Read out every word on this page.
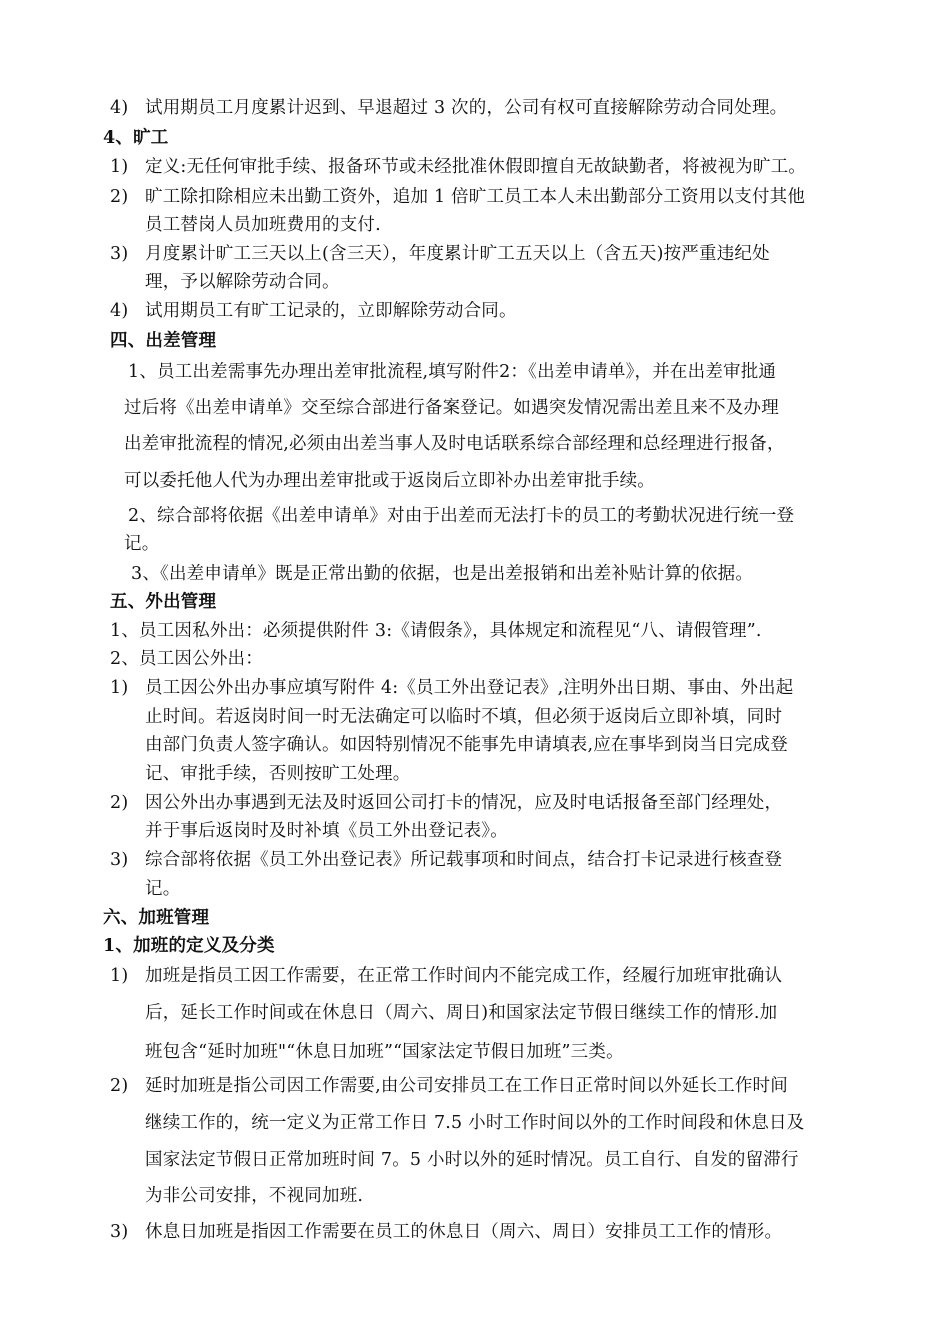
4) 试用期员工月度累计迟到、早退超过 3 次的，公司有权可直接解除劳动合同处理。
4、旷工
1) 定义:无任何审批手续、报备环节或未经批准休假即擅自无故缺勤者，将被视为旷工。
2) 旷工除扣除相应未出勤工资外，追加 1 倍旷工员工本人未出勤部分工资用以支付其他
员工替岗人员加班费用的支付.
3) 月度累计旷工三天以上(含三天），年度累计旷工五天以上（含五天)按严重违纪处
理，予以解除劳动合同。
4) 试用期员工有旷工记录的，立即解除劳动合同。
四、出差管理
1、员工出差需事先办理出差审批流程,填写附件2：《出差申请单》，并在出差审批通
过后将《出差申请单》交至综合部进行备案登记。如遇突发情况需出差且来不及办理
出差审批流程的情况,必须由出差当事人及时电话联系综合部经理和总经理进行报备，
可以委托他人代为办理出差审批或于返岗后立即补办出差审批手续。
2、综合部将依据《出差申请单》对由于出差而无法打卡的员工的考勤状况进行统一登
记。
3、《出差申请单》既是正常出勤的依据，也是出差报销和出差补贴计算的依据。
五、外出管理
1、员工因私外出：必须提供附件 3:《请假条》，具体规定和流程见“八、请假管理”.
2、员工因公外出：
1) 员工因公外出办事应填写附件 4:《员工外出登记表》,注明外出日期、事由、外出起
止时间。若返岗时间一时无法确定可以临时不填，但必须于返岗后立即补填，同时
由部门负责人签字确认。如因特别情况不能事先申请填表,应在事毕到岗当日完成登
记、审批手续，否则按旷工处理。
2) 因公外出办事遇到无法及时返回公司打卡的情况，应及时电话报备至部门经理处，
并于事后返岗时及时补填《员工外出登记表》。
3) 综合部将依据《员工外出登记表》所记载事项和时间点，结合打卡记录进行核查登
记。
六、加班管理
1、加班的定义及分类
1) 加班是指员工因工作需要，在正常工作时间内不能完成工作，经履行加班审批确认
后，延长工作时间或在休息日（周六、周日)和国家法定节假日继续工作的情形.加
班包含“延时加班"“休息日加班”“国家法定节假日加班”三类。
2) 延时加班是指公司因工作需要,由公司安排员工在工作日正常时间以外延长工作时间
继续工作的，统一定义为正常工作日 7.5 小时工作时间以外的工作时间段和休息日及
国家法定节假日正常加班时间 7。5 小时以外的延时情况。员工自行、自发的留滞行
为非公司安排，不视同加班.
3) 休息日加班是指因工作需要在员工的休息日（周六、周日）安排员工工作的情形。
